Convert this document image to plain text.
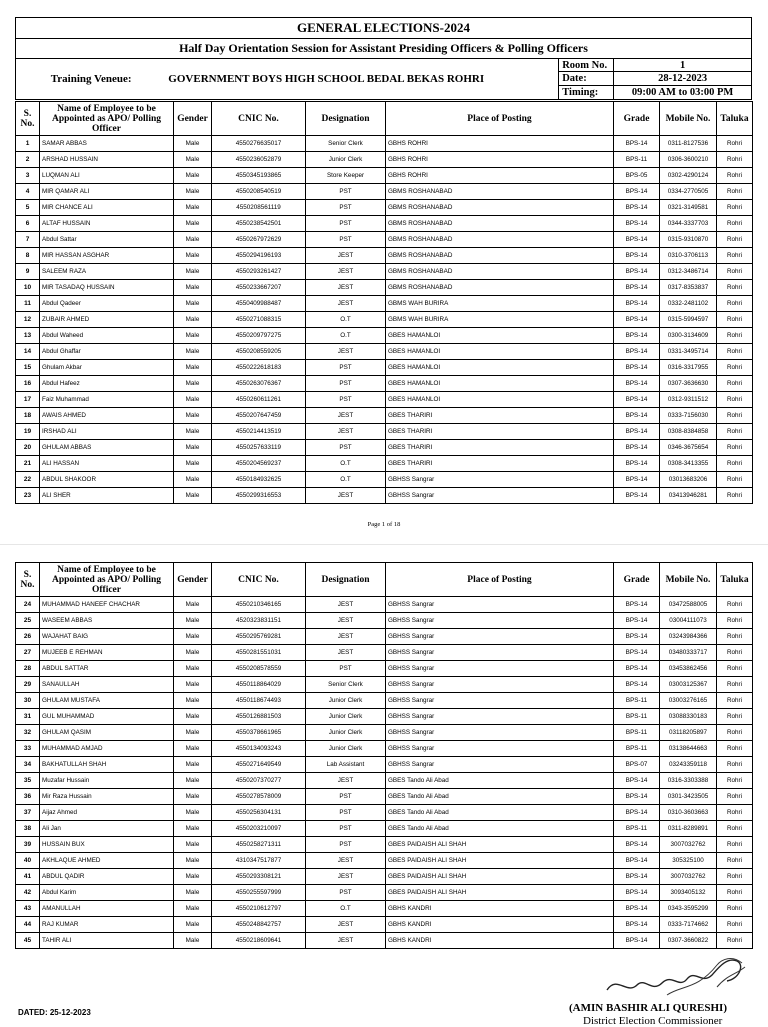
GENERAL ELECTIONS-2024			
Half Day Orientation Session for Assistant Presiding Officers & Polling Officers			
Training Veneue:	GOVERNMENT BOYS HIGH SCHOOL BEDAL BEKAS ROHRI	Room No.	1
		Date:	28-12-2023
		Timing:	09:00 AM to 03:00 PM
S. No.	Name of Employee to be Appointed as APO/ Polling Officer	Gender	CNIC No.	Designation	Place of Posting	Grade	Mobile No.	Taluka
1	SAMAR ABBAS	Male	4550276635017	Senior Clerk	GBHS ROHRI	BPS-14	0311-8127536	Rohri
2	ARSHAD HUSSAIN	Male	4550236052879	Junior Clerk	GBHS ROHRI	BPS-11	0306-3600210	Rohri
3	LUQMAN ALI	Male	4550345193865	Store Keeper	GBHS ROHRI	BPS-05	0302-4290124	Rohri
4	MIR QAMAR ALI	Male	4550208540519	PST	GBMS ROSHANABAD	BPS-14	0334-2770505	Rohri
5	MIR CHANCE ALI	Male	4550208561119	PST	GBMS ROSHANABAD	BPS-14	0321-3149581	Rohri
6	ALTAF HUSSAIN	Male	4550238542501	PST	GBMS ROSHANABAD	BPS-14	0344-3337703	Rohri
7	Abdul Sattar	Male	4550267972629	PST	GBMS ROSHANABAD	BPS-14	0315-9310870	Rohri
8	MIR HASSAN ASGHAR	Male	4550294196193	JEST	GBMS ROSHANABAD	BPS-14	0310-3706113	Rohri
9	SALEEM RAZA	Male	4550293261427	JEST	GBMS ROSHANABAD	BPS-14	0312-3486714	Rohri
10	MIR TASADAQ HUSSAIN	Male	4550233667207	JEST	GBMS ROSHANABAD	BPS-14	0317-8353837	Rohri
11	Abdul Qadeer	Male	4550409988487	JEST	GBMS WAH BURIRA	BPS-14	0332-2481102	Rohri
12	ZUBAIR AHMED	Male	4550271088315	O.T	GBMS WAH BURIRA	BPS-14	0315-5994597	Rohri
13	Abdul Waheed	Male	4550209797275	O.T	GBES HAMANLOI	BPS-14	0300-3134609	Rohri
14	Abdul Ghaffar	Male	4550208559205	JEST	GBES HAMANLOI	BPS-14	0331-3495714	Rohri
15	Ghulam Akbar	Male	4550222618183	PST	GBES HAMANLOI	BPS-14	0316-3317955	Rohri
16	Abdul Hafeez	Male	4550263076367	PST	GBES HAMANLOI	BPS-14	0307-3636630	Rohri
17	Faiz Muhammad	Male	4550260611261	PST	GBES HAMANLOI	BPS-14	0312-9311512	Rohri
18	AWAIS AHMED	Male	4550207647459	JEST	GBES THARIRI	BPS-14	0333-7156030	Rohri
19	IRSHAD ALI	Male	4550214413519	JEST	GBES THARIRI	BPS-14	0308-8384858	Rohri
20	GHULAM ABBAS	Male	4550257633119	PST	GBES THARIRI	BPS-14	0346-3675654	Rohri
21	ALI HASSAN	Male	4550204569237	O.T	GBES THARIRI	BPS-14	0308-3413355	Rohri
22	ABDUL SHAKOOR	Male	4550184932625	O.T	GBHSS Sangrar	BPS-14	03013683206	Rohri
23	ALI SHER	Male	4550299316553	JEST	GBHSS Sangrar	BPS-14	03413946281	Rohri
Page 1 of 18
S. No.	Name of Employee to be Appointed as APO/ Polling Officer	Gender	CNIC No.	Designation	Place of Posting	Grade	Mobile No.	Taluka
24	MUHAMMAD HANEEF CHACHAR	Male	4550210346165	JEST	GBHSS Sangrar	BPS-14	03472588005	Rohri
25	WASEEM ABBAS	Male	4520323831151	JEST	GBHSS Sangrar	BPS-14	03004111073	Rohri
26	WAJAHAT BAIG	Male	4550295769281	JEST	GBHSS Sangrar	BPS-14	03243984366	Rohri
27	MUJEEB E REHMAN	Male	4550281551031	JEST	GBHSS Sangrar	BPS-14	03480333717	Rohri
28	ABDUL SATTAR	Male	4550208578559	PST	GBHSS Sangrar	BPS-14	03453862456	Rohri
29	SANAULLAH	Male	4550118864029	Senior Clerk	GBHSS Sangrar	BPS-14	03003125367	Rohri
30	GHULAM MUSTAFA	Male	4550118674493	Junior Clerk	GBHSS Sangrar	BPS-11	03003276165	Rohri
31	GUL MUHAMMAD	Male	4550126881503	Junior Clerk	GBHSS Sangrar	BPS-11	03088330183	Rohri
32	GHULAM QASIM	Male	4550378661965	Junior Clerk	GBHSS Sangrar	BPS-11	03118205897	Rohri
33	MUHAMMAD AMJAD	Male	4550134093243	Junior Clerk	GBHSS Sangrar	BPS-11	03138644663	Rohri
34	BAKHATULLAH SHAH	Male	4550271649549	Lab Assistant	GBHSS Sangrar	BPS-07	03243359118	Rohri
35	Muzafar Hussain	Male	4550207370277	JEST	GBES Tando Ali Abad	BPS-14	0316-3303388	Rohri
36	Mir Raza Hussain	Male	4550278578009	PST	GBES Tando Ali Abad	BPS-14	0301-3423505	Rohri
37	Aijaz Ahmed	Male	4550256304131	PST	GBES Tando Ali Abad	BPS-14	0310-3603663	Rohri
38	Ali Jan	Male	4550203210097	PST	GBES Tando Ali Abad	BPS-11	0311-8289891	Rohri
39	HUSSAIN BUX	Male	4550258271311	PST	GBES PAIDAISH ALI SHAH	BPS-14	3007032762	Rohri
40	AKHLAQUE AHMED	Male	4310347517877	JEST	GBES PAIDAISH ALI SHAH	BPS-14	305325100	Rohri
41	ABDUL QADIR	Male	4550293308121	JEST	GBES PAIDAISH ALI SHAH	BPS-14	3007032762	Rohri
42	Abdul Karim	Male	4550255597999	PST	GBES PAIDAISH ALI SHAH	BPS-14	3093405132	Rohri
43	AMANULLAH	Male	4550210612797	O.T	GBHS KANDRI	BPS-14	0343-3595299	Rohri
44	RAJ KUMAR	Male	4550248842757	JEST	GBHS KANDRI	BPS-14	0333-7174662	Rohri
45	TAHIR ALI	Male	4550218609641	JEST	GBHS KANDRI	BPS-14	0307-3660822	Rohri
DATED: 25-12-2023	(AMIN BASHIR ALI QURESHI)
District Election Commissioner
